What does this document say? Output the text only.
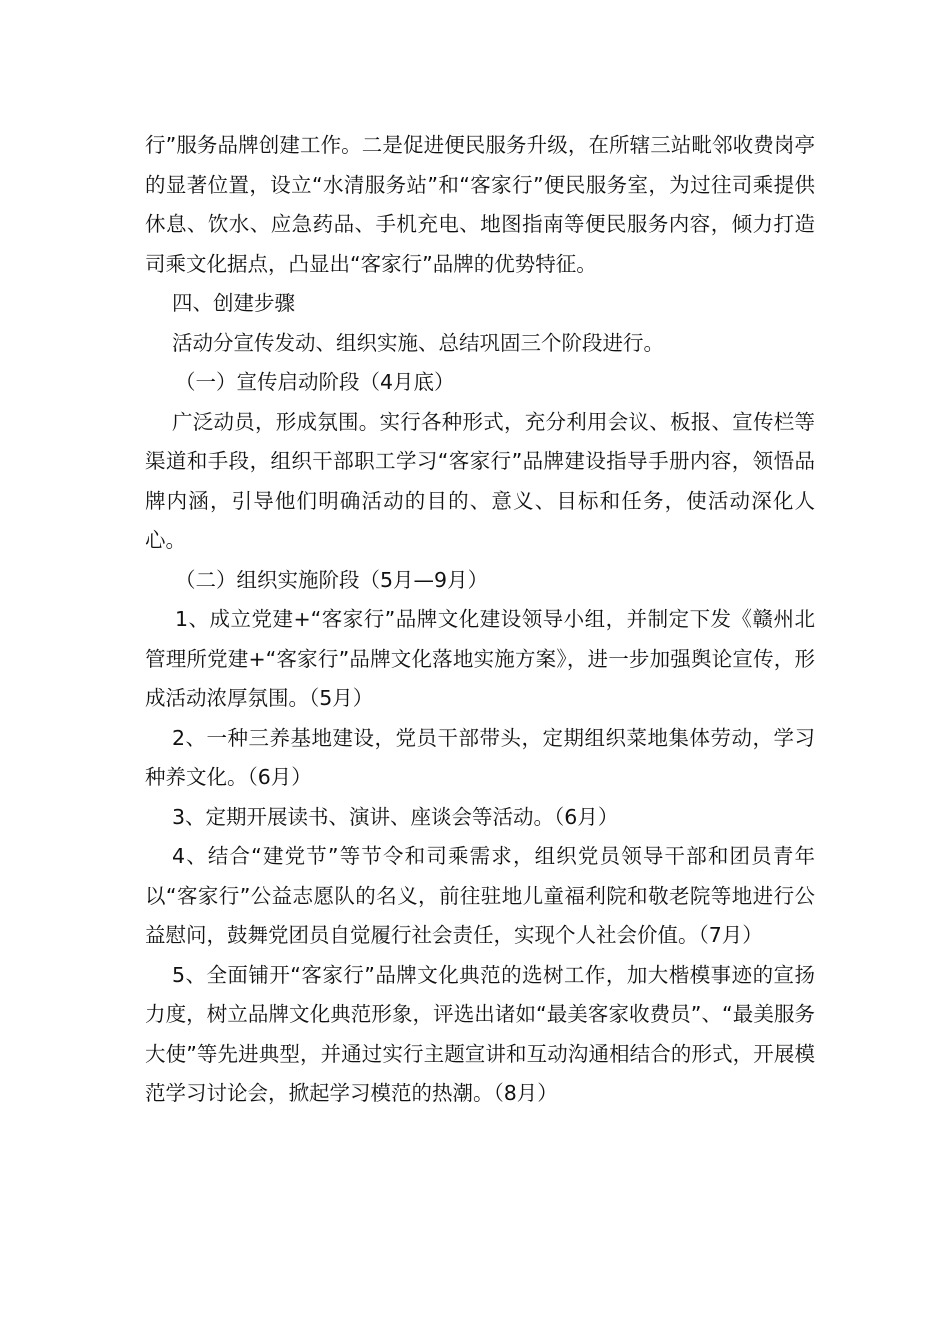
行”服务品牌创建工作。二是促进便民服务升级，在所辖三站毗邻收费岗亭的显著位置，设立“水清服务站”和“客家行”便民服务室，为过往司乘提供休息、饮水、应急药品、手机充电、地图指南等便民服务内容，倾力打造司乘文化据点，凸显出“客家行”品牌的优势特征。

四、创建步骤

活动分宣传发动、组织实施、总结巩固三个阶段进行。

（一）宣传启动阶段（4月底）

广泛动员，形成氛围。实行各种形式，充分利用会议、板报、宣传栏等渠道和手段，组织干部职工学习“客家行”品牌建设指导手册内容，领悟品牌内涵，引导他们明确活动的目的、意义、目标和任务，使活动深化人心。

（二）组织实施阶段（5月—9月）

1、成立党建+“客家行”品牌文化建设领导小组，并制定下发《赣州北管理所党建+“客家行”品牌文化落地实施方案》，进一步加强舆论宣传，形成活动浓厚氛围。（5月）

2、一种三养基地建设，党员干部带头，定期组织菜地集体劳动，学习种养文化。（6月）

3、定期开展读书、演讲、座谈会等活动。（6月）

4、结合“建党节”等节令和司乘需求，组织党员领导干部和团员青年以“客家行”公益志愿队的名义，前往驻地儿童福利院和敬老院等地进行公益慰问，鼓舞党团员自觉履行社会责任，实现个人社会价值。（7月）

5、全面铺开“客家行”品牌文化典范的选树工作，加大楷模事迹的宣扬力度，树立品牌文化典范形象，评选出诸如“最美客家收费员”、“最美服务大使”等先进典型，并通过实行主题宣讲和互动沟通相结合的形式，开展模范学习讨论会，掀起学习模范的热潮。（8月）
